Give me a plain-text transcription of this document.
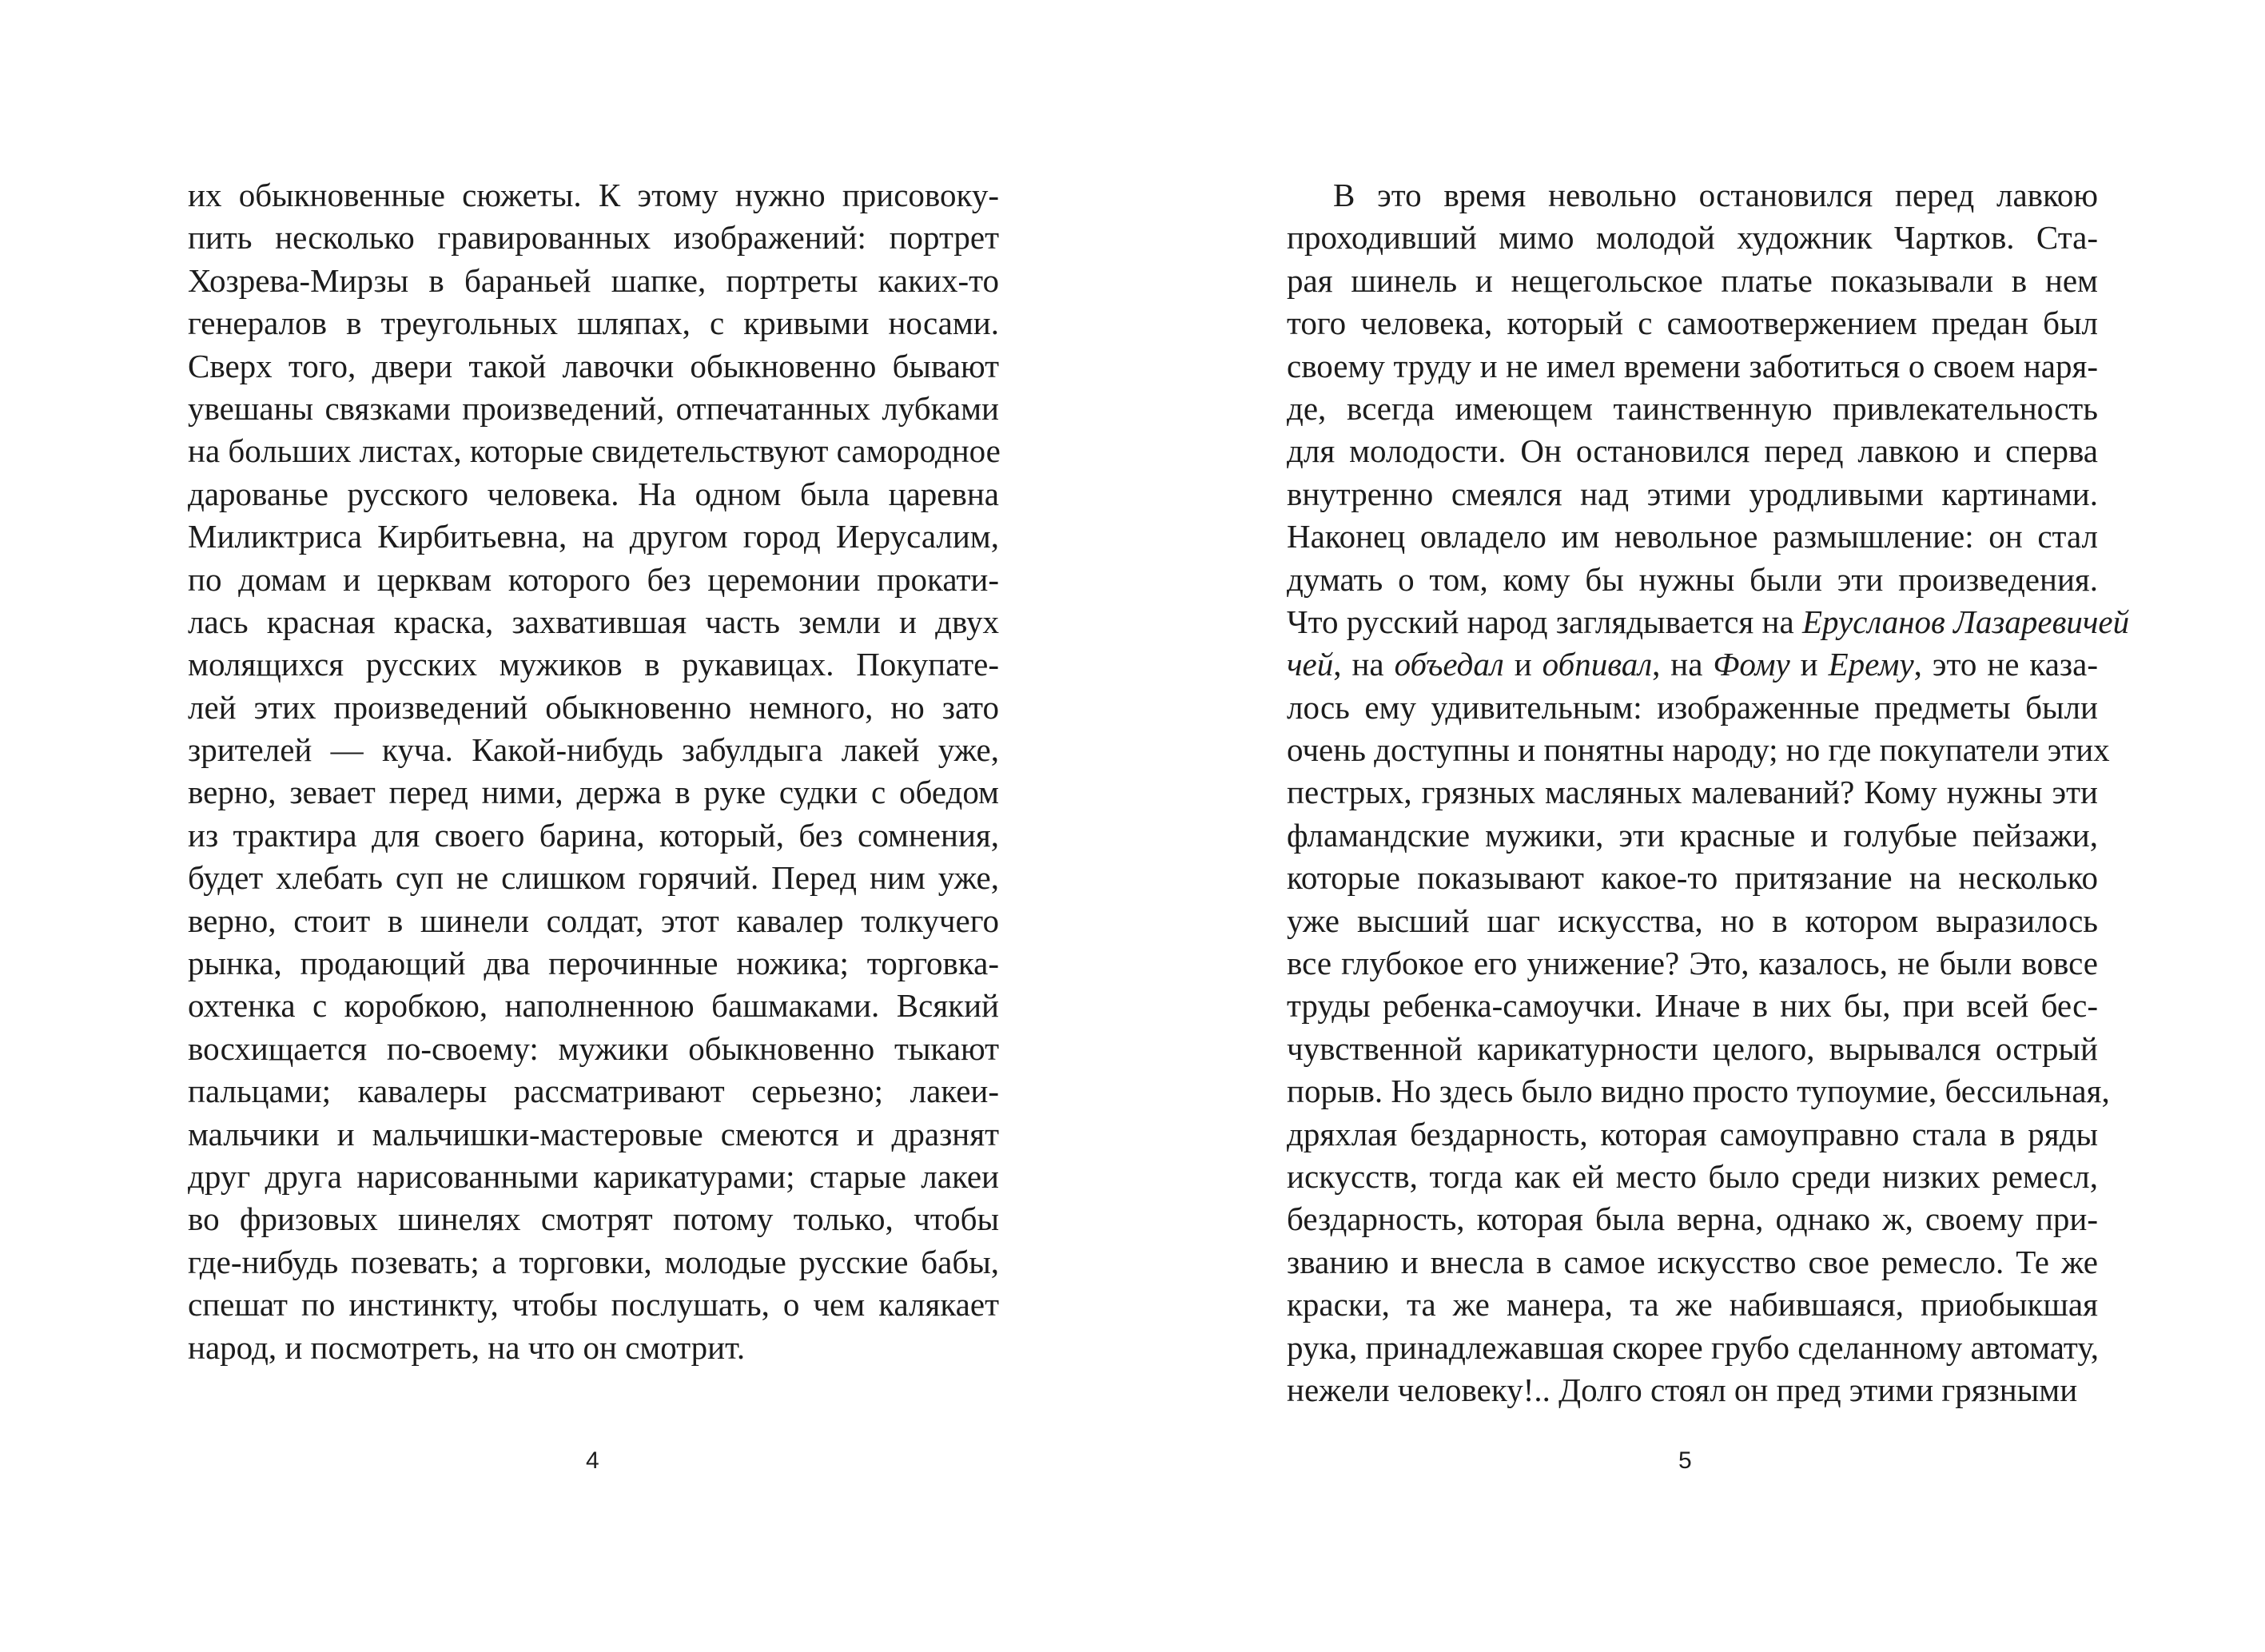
их обыкновенные сюжеты. К этому нужно присовоку-
пить несколько гравированных изображений: портрет
Хозрева-Мирзы в бараньей шапке, портреты каких-то
генералов в треугольных шляпах, с кривыми носами.
Сверх того, двери такой лавочки обыкновенно бывают
увешаны связками произведений, отпечатанных лубками
на больших листах, которые свидетельствуют самородное
дарованье русского человека. На одном была царевна
Миликтриса Кирбитьевна, на другом город Иерусалим,
по домам и церквам которого без церемонии прокати-
лась красная краска, захватившая часть земли и двух
молящихся русских мужиков в рукавицах. Покупате-
лей этих произведений обыкновенно немного, но зато
зрителей — куча. Какой-нибудь забулдыга лакей уже,
верно, зевает перед ними, держа в руке судки с обедом
из трактира для своего барина, который, без сомнения,
будет хлебать суп не слишком горячий. Перед ним уже,
верно, стоит в шинели солдат, этот кавалер толкучего
рынка, продающий два перочинные ножика; торговка-
охтенка с коробкою, наполненною башмаками. Всякий
восхищается по-своему: мужики обыкновенно тыкают
пальцами; кавалеры рассматривают серьезно; лакеи-
мальчики и мальчишки-мастеровые смеются и дразнят
друг друга нарисованными карикатурами; старые лакеи
во фризовых шинелях смотрят потому только, чтобы
где-нибудь позевать; а торговки, молодые русские бабы,
спешат по инстинкту, чтобы послушать, о чем калякает
народ, и посмотреть, на что он смотрит.
4
В это время невольно остановился перед лавкою
проходивший мимо молодой художник Чартков. Ста-
рая шинель и нещегольское платье показывали в нем
того человека, который с самоотвержением предан был
своему труду и не имел времени заботиться о своем наря-
де, всегда имеющем таинственную привлекательность
для молодости. Он остановился перед лавкою и сперва
внутренно смеялся над этими уродливыми картинами.
Наконец овладело им невольное размышление: он стал
думать о том, кому бы нужны были эти произведения.
Что русский народ заглядывается на Еруcланов Лазаревичей
чей, на объедал и обпивал, на Фому и Ерему, это не каза-
лось ему удивительным: изображенные предметы были
очень доступны и понятны народу; но где покупатели этих
пестрых, грязных масляных малеваний? Кому нужны эти
фламандские мужики, эти красные и голубые пейзажи,
которые показывают какое-то притязание на несколько
уже высший шаг искусства, но в котором выразилось
все глубокое его унижение? Это, казалось, не были вовсе
труды ребенка-самоучки. Иначе в них бы, при всей бес-
чувственной карикатурности целого, вырывался острый
порыв. Но здесь было видно просто тупоумие, бессильная,
дряхлая бездарность, которая самоуправно стала в ряды
искусств, тогда как ей место было среди низких ремесл,
бездарность, которая была верна, однако ж, своему при-
званию и внесла в самое искусство свое ремесло. Те же
краски, та же манера, та же набившаяся, приобыкшая
рука, принадлежавшая скорее грубо сделанному автомату,
нежели человеку!.. Долго стоял он пред этими грязными
5
